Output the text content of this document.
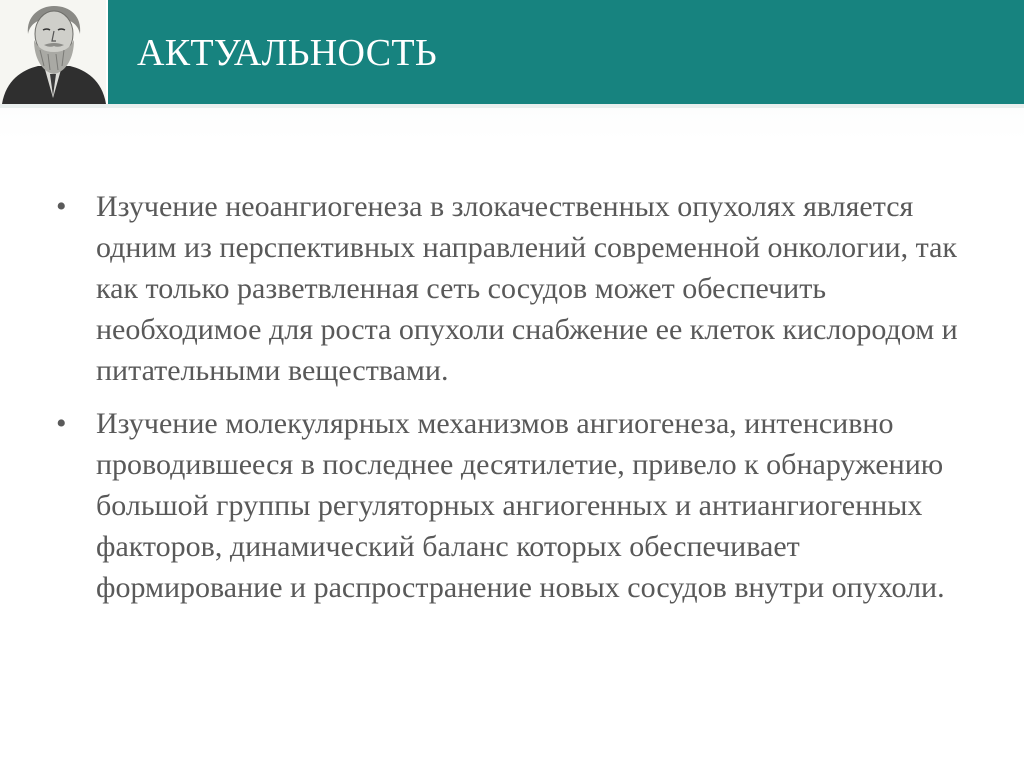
АКТУАЛЬНОСТЬ
• Изучение неоангиогенеза в злокачественных опухолях является одним из перспективных направлений современной онкологии, так как только разветвленная сеть сосудов может обеспечить необходимое для роста опухоли снабжение ее клеток кислородом и питательными веществами.

• Изучение молекулярных механизмов ангиогенеза, интенсивно проводившееся в последнее десятилетие, привело к обнаружению большой группы регуляторных ангиогенных и антиангиогенных факторов, динамический баланс которых обеспечивает формирование и распространение новых сосудов внутри опухоли.
